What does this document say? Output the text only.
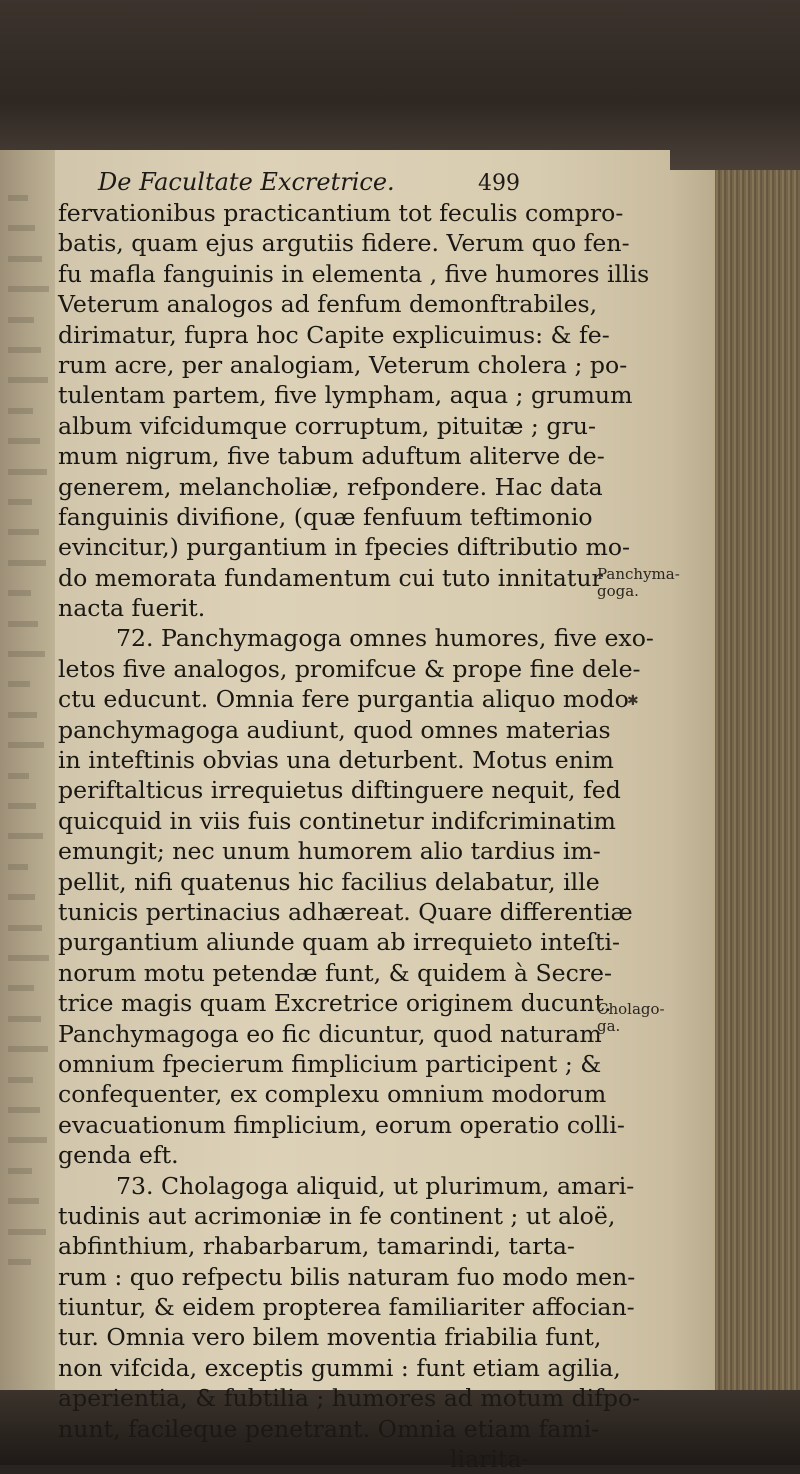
De Facultate Excretrice.	499
fervationibus practicantium tot feculis compro-
batis, quam ejus argutiis fidere. Verum quo fen-
fu mafla fanguinis in elementa , five humores illis
Veterum analogos ad fenfum demonftrabiles,
dirimatur, fupra hoc Capite explicuimus: & fe-
rum acre, per analogiam, Veterum cholera ; po-
tulentam partem, five lympham, aqua ; grumum
album vifcidumque corruptum, pituitæ ; gru-
mum nigrum, five tabum aduftum aliterve de-
generem, melancholiæ, refpondere. Hac data
fanguinis divifione, (quæ fenfuum teftimonio
evincitur,) purgantium in fpecies diftributio mo-
do memorata fundamentum cui tuto innitatur
nacta fuerit.
72. Panchymagoga omnes humores, five exo-
letos five analogos, promifcue & prope fine dele-
ctu educunt. Omnia fere purgantia aliquo modo
panchymagoga audiunt, quod omnes materias
in inteftinis obvias una deturbent. Motus enim
periftalticus irrequietus diftinguere nequit, fed
quicquid in viis fuis continetur indifcriminatim
emungit; nec unum humorem alio tardius im-
pellit, nifi quatenus hic facilius delabatur, ille
tunicis pertinacius adhæreat. Quare differentiæ
purgantium aliunde quam ab irrequieto inteſti-
norum motu petendæ funt, & quidem à Secre-
trice magis quam Excretrice originem ducunt.
Panchymagoga eo fic dicuntur, quod naturam
omnium fpecierum fimplicium participent ; &
confequenter, ex complexu omnium modorum
evacuationum fimplicium, eorum operatio colli-
genda eft.
73. Cholagoga aliquid, ut plurimum, amari-
tudinis aut acrimoniæ in fe continent ; ut aloë,
abfinthium, rhabarbarum, tamarindi, tarta-
rum : quo refpectu bilis naturam fuo modo men-
tiuntur, & eidem propterea familiariter affocian-
tur. Omnia vero bilem moventia friabilia funt,
non vifcida, exceptis gummi : funt etiam agilia,
aperientia, & fubtilia ; humores ad motum difpo-
nunt, facileque penetrant. Omnia etiam fami-
liarita-
Panchyma-
goga.
✱
Cholago-
ga.
